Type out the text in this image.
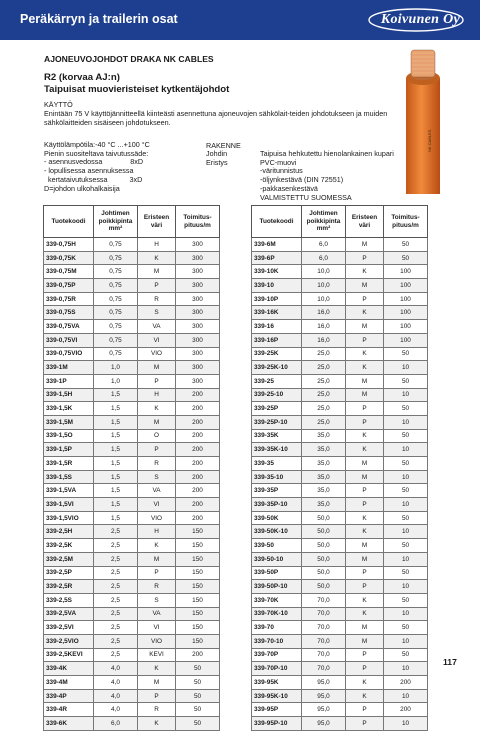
Peräkärryn ja trailerin osat	Koivunen Oy
AJONEUVOJOHDOT DRAKA NK CABLES
R2 (korvaa AJ:n)
Taipuisat muovieristeiset kytkentäjohdot
KÄYTTÖ
Enintään 75 V käyttöjännitteellä kiinteästi asennettuna ajoneuvojen sähkölait-teiden johdotukseen ja muiden sähkölaitteiden sisäiseen johdotukseen.
Käyttölämpötila:-40 °C ...+100 °C
Pienin suositeltava taivutussäde:
- asennusvedossa              8xD
- lopullisessa asennuksessa
kertataivutuksessa           3xD
D=johdon ulkohalkaisija
RAKENNE
Johdin
Eristys
Taipuisa hehkutettu hienolankainen kupari
PVC-muovi
-väritunnistus
-öljynkestävä (DIN 72551)
-pakkasenkestävä
VALMISTETTU SUOMESSA
NK CABLES
Tuotekoodi	Johtimen poikkipinta mm²	Eristeen väri	Toimitus-pituus/m
339-0,75H	0,75	H	300
339-0,75K	0,75	K	300
339-0,75M	0,75	M	300
339-0,75P	0,75	P	300
339-0,75R	0,75	R	300
339-0,75S	0,75	S	300
339-0,75VA	0,75	VA	300
339-0,75VI	0,75	VI	300
339-0,75VIO	0,75	VIO	300
339-1M	1,0	M	300
339-1P	1,0	P	300
339-1,5H	1,5	H	200
339-1,5K	1,5	K	200
339-1,5M	1,5	M	200
339-1,5O	1,5	O	200
339-1,5P	1,5	P	200
339-1,5R	1,5	R	200
339-1,5S	1,5	S	200
339-1,5VA	1,5	VA	200
339-1,5VI	1,5	VI	200
339-1,5VIO	1,5	VIO	200
339-2,5H	2,5	H	150
339-2,5K	2,5	K	150
339-2,5M	2,5	M	150
339-2,5P	2,5	P	150
339-2,5R	2,5	R	150
339-2,5S	2,5	S	150
339-2,5VA	2,5	VA	150
339-2,5VI	2,5	VI	150
339-2,5VIO	2,5	VIO	150
339-2,5KEVI	2,5	KEVI	200
339-4K	4,0	K	50
339-4M	4,0	M	50
339-4P	4,0	P	50
339-4R	4,0	R	50
339-6K	6,0	K	50
Tuotekoodi	Johtimen poikkipinta mm²	Eristeen väri	Toimitus-pituus/m
339-6M	6,0	M	50
339-6P	6,0	P	50
339-10K	10,0	K	100
339-10	10,0	M	100
339-10P	10,0	P	100
339-16K	16,0	K	100
339-16	16,0	M	100
339-16P	16,0	P	100
339-25K	25,0	K	50
339-25K-10	25,0	K	10
339-25	25,0	M	50
339-25-10	25,0	M	10
339-25P	25,0	P	50
339-25P-10	25,0	P	10
339-35K	35,0	K	50
339-35K-10	35,0	K	10
339-35	35,0	M	50
339-35-10	35,0	M	10
339-35P	35,0	P	50
339-35P-10	35,0	P	10
339-50K	50,0	K	50
339-50K-10	50,0	K	10
339-50	50,0	M	50
339-50-10	50,0	M	10
339-50P	50,0	P	50
339-50P-10	50,0	P	10
339-70K	70,0	K	50
339-70K-10	70,0	K	10
339-70	70,0	M	50
339-70-10	70,0	M	10
339-70P	70,0	P	50
339-70P-10	70,0	P	10
339-95K	95,0	K	200
339-95K-10	95,0	K	10
339-95P	95,0	P	200
339-95P-10	95,0	P	10
117
